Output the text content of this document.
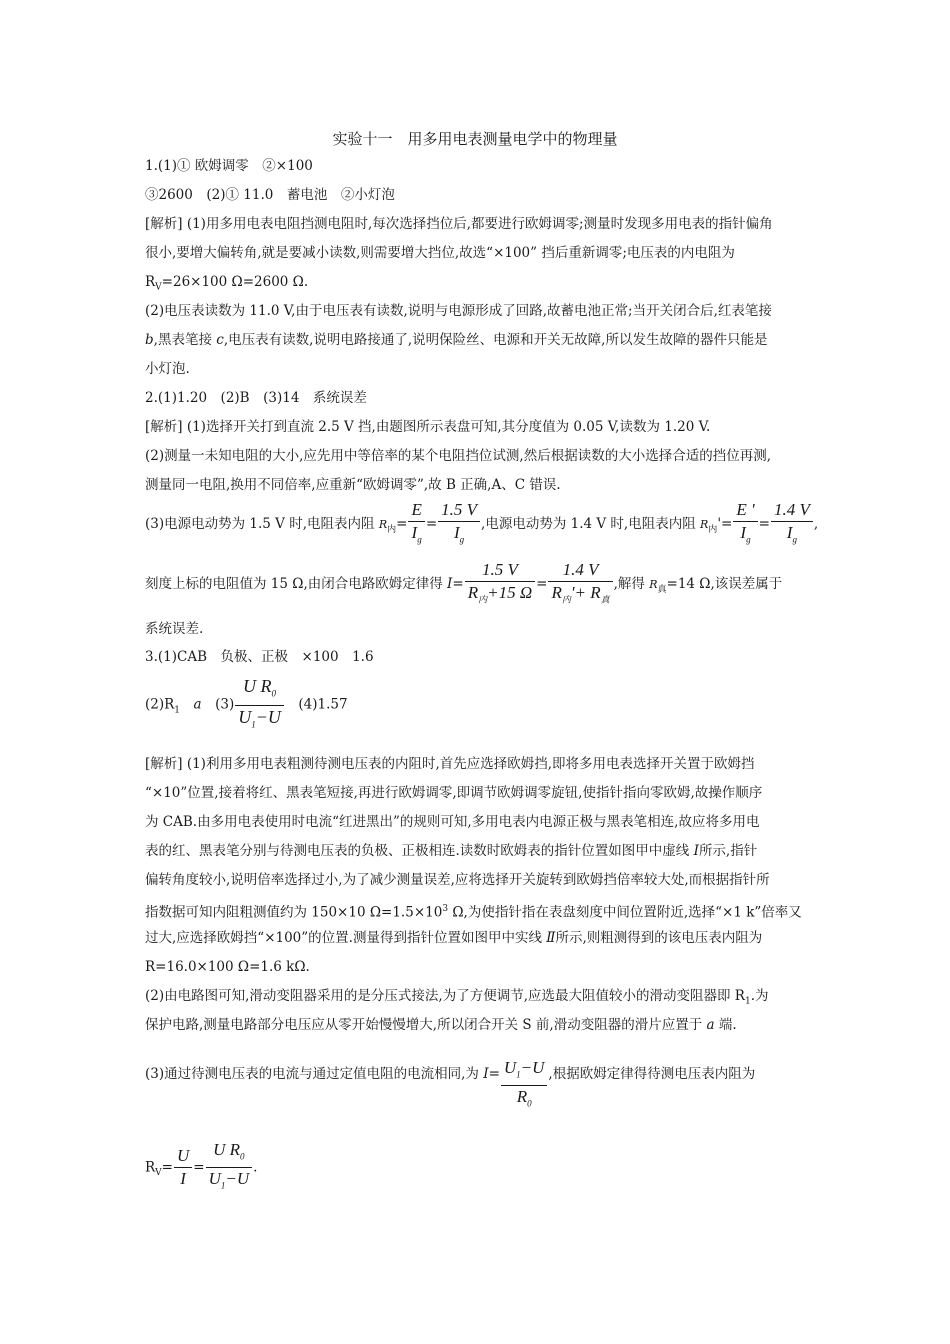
实验十一　用多用电表测量电学中的物理量
1.(1)① 欧姆调零　②×100
③2600　(2)① 11.0　蓄电池　②小灯泡
[解析] (1)用多用电表电阻挡测电阻时,每次选择挡位后,都要进行欧姆调零;测量时发现多用电表的指针偏角
很小,要增大偏转角,就是要减小读数,则需要增大挡位,故选“×100” 挡后重新调零;电压表的内电阻为
$R_V=26\times 100$ Ω=2600 Ω.
(2)电压表读数为 11.0 V,由于电压表有读数,说明与电源形成了回路,故蓄电池正常;当开关闭合后,红表笔接
b,黑表笔接 c,电压表有读数,说明电路接通了,说明保险丝、电源和开关无故障,所以发生故障的器件只能是
小灯泡.
2.(1)1.20　(2)B　(3)14　系统误差
[解析] (1)选择开关打到直流 2.5 V 挡,由题图所示表盘可知,其分度值为 0.05 V,读数为 1.20 V.
(2)测量一未知电阻的大小,应先用中等倍率的某个电阻挡位试测,然后根据读数的大小选择合适的挡位再测,
测量同一电阻,换用不同倍率,应重新“欧姆调零”,故 B 正确,A、C 错误.
(3)电源电动势为 1.5 V 时,电阻表内阻 $R_内= \frac{E}{I_g} = \frac{1.5 V}{I_g}$ ,电源电动势为 1.4 V 时,电阻表内阻 $R_内'= \frac{E '}{I_g} = \frac{1.4 V}{I_g}$ ,
刻度上标的电阻值为 15 Ω,由闭合电路欧姆定律得 $I= \frac{1.5 V}{R_内+15 \Omega} = \frac{1.4 V}{R_内'+ R_真}$ ,解得 $R_真=14$ Ω,该误差属于
系统误差.
3.(1)CAB　负极、正极　×100　1.6
$(2)R_1$　 a　 $(3) \frac{U R_0}{U_1-U}$
　 (4)1.57
[解析] (1)利用多用电表粗测待测电压表的内阻时,首先应选择欧姆挡,即将多用电表选择开关置于欧姆挡
“×10”位置,接着将红、黑表笔短接,再进行欧姆调零,即调节欧姆调零旋钮,使指针指向零欧姆,故操作顺序
为 CAB.由多用电表使用时电流“红进黑出”的规则可知,多用电表内电源正极与黑表笔相连,故应将多用电
表的红、黑表笔分别与待测电压表的负极、正极相连.读数时欧姆表的指针位置如图甲中虚线 Ⅰ所示,指针
偏转角度较小,说明倍率选择过小,为了减少测量误差,应将选择开关旋转到欧姆挡倍率较大处,而根据指针所
指数据可知内阻粗测值约为 150×10 $\Omega=1.5\times 10^3$ Ω,为使指针指在表盘刻度中间位置附近,选择“×1 k”倍率又
过大,应选择欧姆挡“×100”的位置.测量得到指针位置如图甲中实线 Ⅱ所示,则粗测得到的该电压表内阻为
R=16.0×100 Ω=1.6 kΩ.
(2)由电路图可知,滑动变阻器采用的是分压式接法,为了方便调节,应选最大阻值较小的滑动变阻器即 $R_1$.为
保护电路,测量电路部分电压应从零开始慢慢增大,所以闭合开关 S 前,滑动变阻器的滑片应置于 a 端.
(3)通过待测电压表的电流与通过定值电阻的电流相同,为 $I= \frac{U_1-U}{R_0}$ ,根据欧姆定律得待测电压表内阻为
$R_V= \frac{U}{I} = \frac{U R_0}{U_1-U}$ .
